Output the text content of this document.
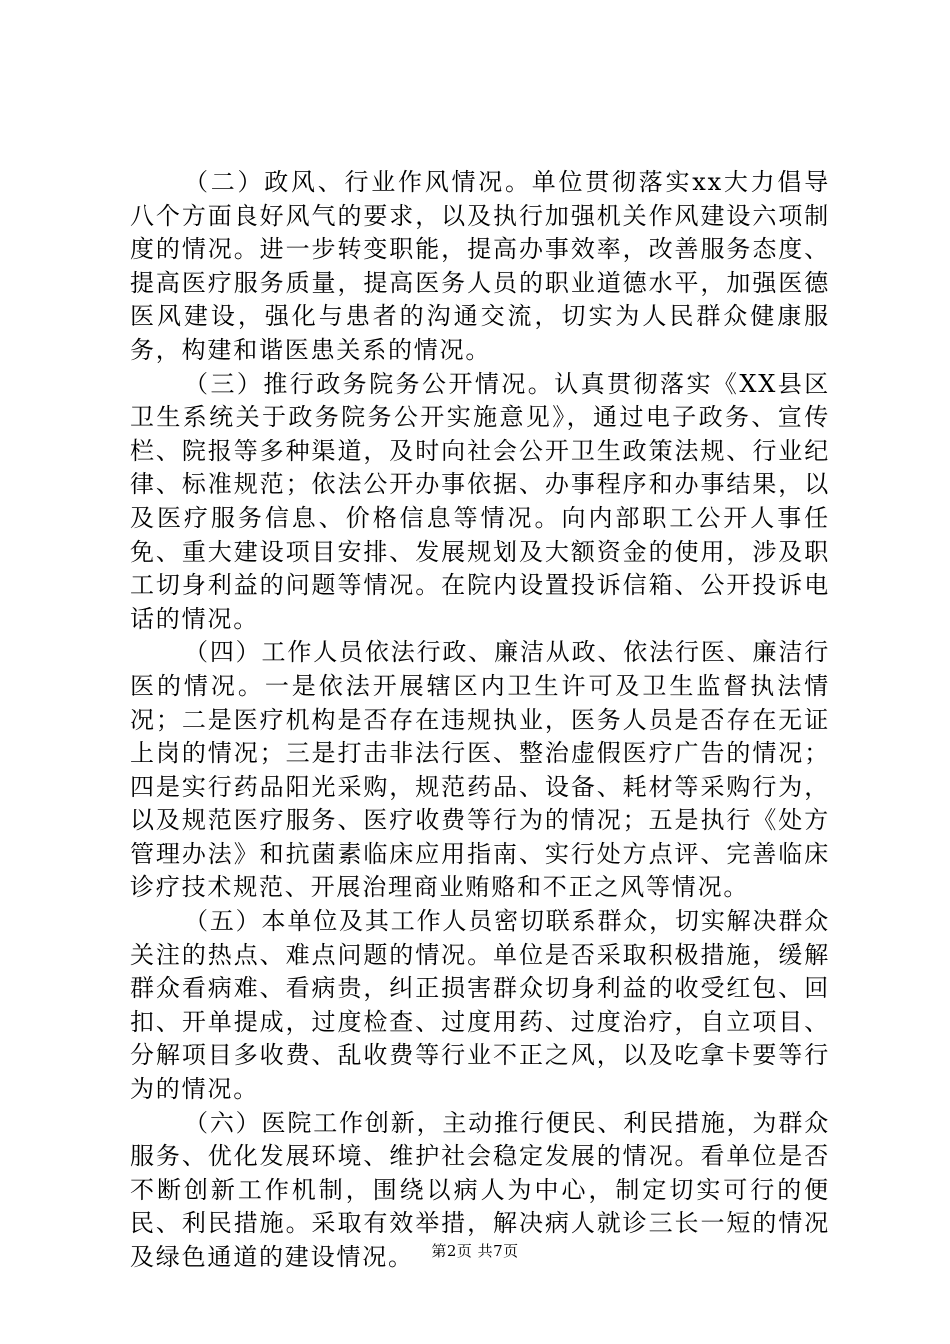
（二）政风、行业作风情况。单位贯彻落实xx大力倡导八个方面良好风气的要求，以及执行加强机关作风建设六项制度的情况。进一步转变职能，提高办事效率，改善服务态度、提高医疗服务质量，提高医务人员的职业道德水平，加强医德医风建设，强化与患者的沟通交流，切实为人民群众健康服务，构建和谐医患关系的情况。

（三）推行政务院务公开情况。认真贯彻落实《XX县区卫生系统关于政务院务公开实施意见》，通过电子政务、宣传栏、院报等多种渠道，及时向社会公开卫生政策法规、行业纪律、标准规范；依法公开办事依据、办事程序和办事结果，以及医疗服务信息、价格信息等情况。向内部职工公开人事任免、重大建设项目安排、发展规划及大额资金的使用，涉及职工切身利益的问题等情况。在院内设置投诉信箱、公开投诉电话的情况。

（四）工作人员依法行政、廉洁从政、依法行医、廉洁行医的情况。一是依法开展辖区内卫生许可及卫生监督执法情况；二是医疗机构是否存在违规执业，医务人员是否存在无证上岗的情况；三是打击非法行医、整治虚假医疗广告的情况；四是实行药品阳光采购，规范药品、设备、耗材等采购行为，以及规范医疗服务、医疗收费等行为的情况；五是执行《处方管理办法》和抗菌素临床应用指南、实行处方点评、完善临床诊疗技术规范、开展治理商业贿赂和不正之风等情况。

（五）本单位及其工作人员密切联系群众，切实解决群众关注的热点、难点问题的情况。单位是否采取积极措施，缓解群众看病难、看病贵，纠正损害群众切身利益的收受红包、回扣、开单提成，过度检查、过度用药、过度治疗，自立项目、分解项目多收费、乱收费等行业不正之风，以及吃拿卡要等行为的情况。

（六）医院工作创新，主动推行便民、利民措施，为群众服务、优化发展环境、维护社会稳定发展的情况。看单位是否不断创新工作机制，围绕以病人为中心，制定切实可行的便民、利民措施。采取有效举措，解决病人就诊三长一短的情况及绿色通道的建设情况。	第2页 共7页
